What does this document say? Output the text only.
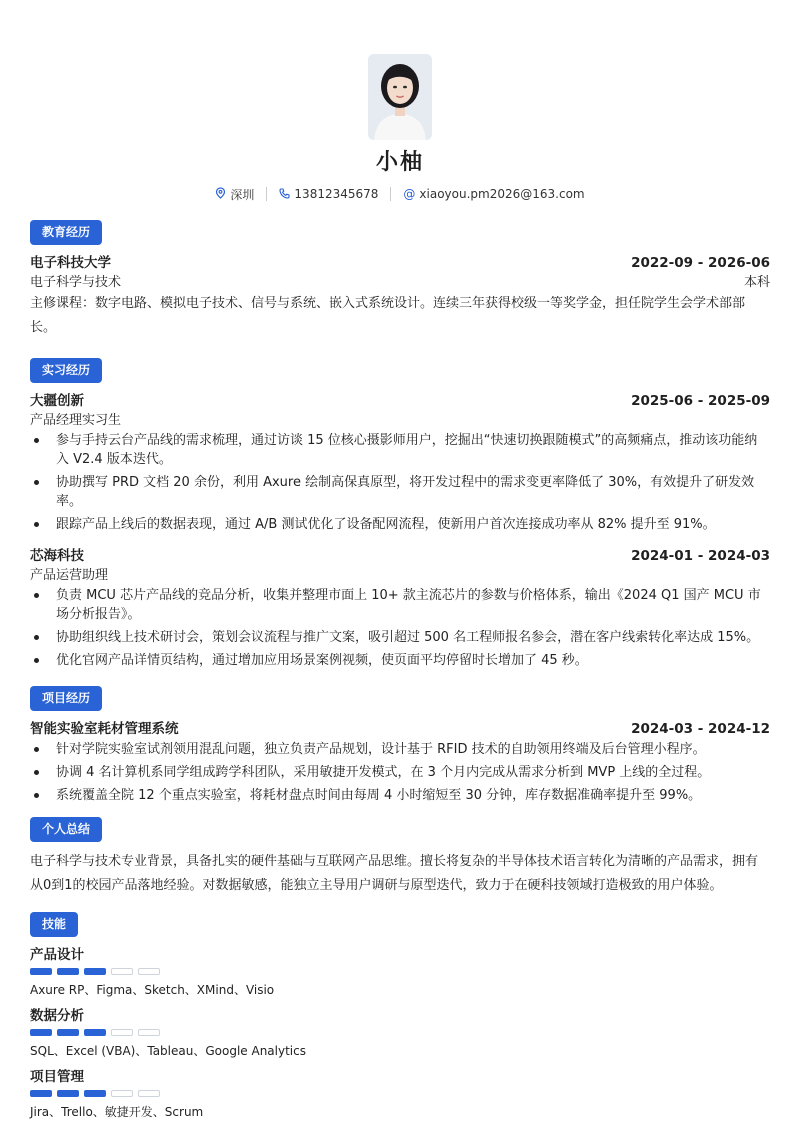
小柚
深圳	13812345678 @ xiaoyou.pm2026@163.com
教育经历
电子科技大学	2022-09 - 2026-06
电子科学与技术	本科
主修课程：数字电路、模拟电子技术、信号与系统、嵌入式系统设计。连续三年获得校级一等奖学金，担任院学生会学术部部长。
实习经历
大疆创新	2025-06 - 2025-09
产品经理实习生
参与手持云台产品线的需求梳理，通过访谈 15 位核心摄影师用户，挖掘出“快速切换跟随模式”的高频痛点，推动该功能纳入 V2.4 版本迭代。
协助撰写 PRD 文档 20 余份，利用 Axure 绘制高保真原型，将开发过程中的需求变更率降低了 30%，有效提升了研发效率。
跟踪产品上线后的数据表现，通过 A/B 测试优化了设备配网流程，使新用户首次连接成功率从 82% 提升至 91%。
芯海科技	2024-01 - 2024-03
产品运营助理
负责 MCU 芯片产品线的竞品分析，收集并整理市面上 10+ 款主流芯片的参数与价格体系，输出《2024 Q1 国产 MCU 市场分析报告》。
协助组织线上技术研讨会，策划会议流程与推广文案，吸引超过 500 名工程师报名参会，潜在客户线索转化率达成 15%。
优化官网产品详情页结构，通过增加应用场景案例视频，使页面平均停留时长增加了 45 秒。
项目经历
智能实验室耗材管理系统	2024-03 - 2024-12
针对学院实验室试剂领用混乱问题，独立负责产品规划，设计基于 RFID 技术的自助领用终端及后台管理小程序。
协调 4 名计算机系同学组成跨学科团队，采用敏捷开发模式，在 3 个月内完成从需求分析到 MVP 上线的全过程。
系统覆盖全院 12 个重点实验室，将耗材盘点时间由每周 4 小时缩短至 30 分钟，库存数据准确率提升至 99%。
个人总结
电子科学与技术专业背景，具备扎实的硬件基础与互联网产品思维。擅长将复杂的半导体技术语言转化为清晰的产品需求，拥有从0到1的校园产品落地经验。对数据敏感，能独立主导用户调研与原型迭代，致力于在硬科技领域打造极致的用户体验。
技能
产品设计
Axure RP、Figma、Sketch、XMind、Visio
数据分析
SQL、Excel (VBA)、Tableau、Google Analytics
项目管理
Jira、Trello、敏捷开发、Scrum
